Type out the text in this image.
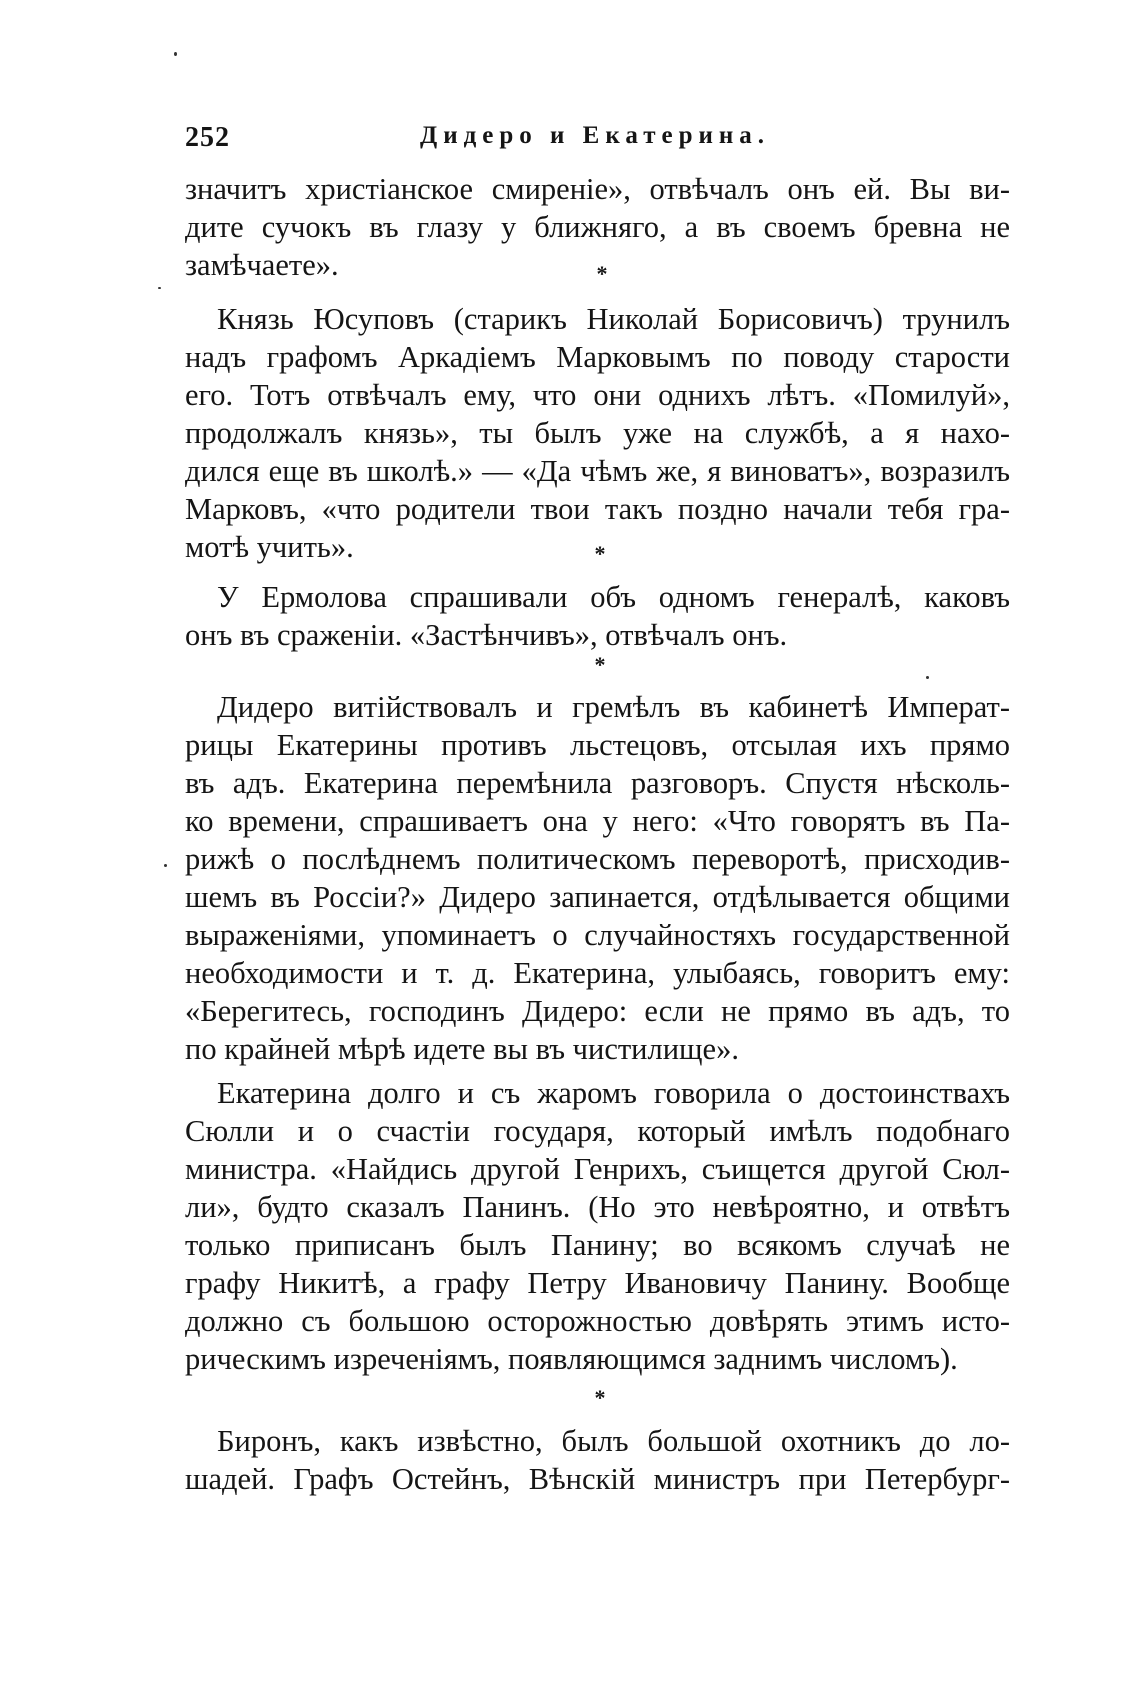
252	Дидеро и Екатерина.
значитъ христіанское смиреніе», отвѣчалъ онъ ей. Вы ви-
дите сучокъ въ глазу у ближняго, а въ своемъ бревна не
замѣчаете».	*
Князь Юсуповъ (старикъ Николай Борисовичъ) трунилъ
надъ графомъ Аркадіемъ Марковымъ по поводу старости
его. Тотъ отвѣчалъ ему, что они однихъ лѣтъ. «Помилуй»,
продолжалъ князь», ты былъ уже на службѣ, а я нахо-
дился еще въ школѣ.» — «Да чѣмъ же, я виноватъ», возразилъ
Марковъ, «что родители твои такъ поздно начали тебя гра-
мотѣ учить».	*
У Ермолова спрашивали объ одномъ генералѣ, каковъ
онъ въ сраженіи. «Застѣнчивъ», отвѣчалъ онъ.
*
Дидеро витійствовалъ и гремѣлъ въ кабинетѣ Императ-
рицы Екатерины противъ льстецовъ, отсылая ихъ прямо
въ адъ. Екатерина перемѣнила разговоръ. Спустя нѣсколь-
ко времени, спрашиваетъ она у него: «Что говорятъ въ Па-
рижѣ о послѣднемъ политическомъ переворотѣ, присходив-
шемъ въ Россіи?» Дидеро запинается, отдѣлывается общими
выраженіями, упоминаетъ о случайностяхъ государственной
необходимости и т. д. Екатерина, улыбаясь, говоритъ ему:
«Берегитесь, господинъ Дидеро: если не прямо въ адъ, то
по крайней мѣрѣ идете вы въ чистилище».
Екатерина долго и съ жаромъ говорила о достоинствахъ
Сюлли и о счастіи государя, который имѣлъ подобнаго
министра. «Найдись другой Генрихъ, съищется другой Сюл-
ли», будто сказалъ Панинъ. (Но это невѣроятно, и отвѣтъ
только приписанъ былъ Панину; во всякомъ случаѣ не
графу Никитѣ, а графу Петру Ивановичу Панину. Вообще
должно съ большою осторожностью довѣрять этимъ исто-
рическимъ изреченіямъ, появляющимся заднимъ числомъ).
*
Биронъ, какъ извѣстно, былъ большой охотникъ до ло-
шадей. Графъ Остейнъ, Вѣнскій министръ при Петербург-
